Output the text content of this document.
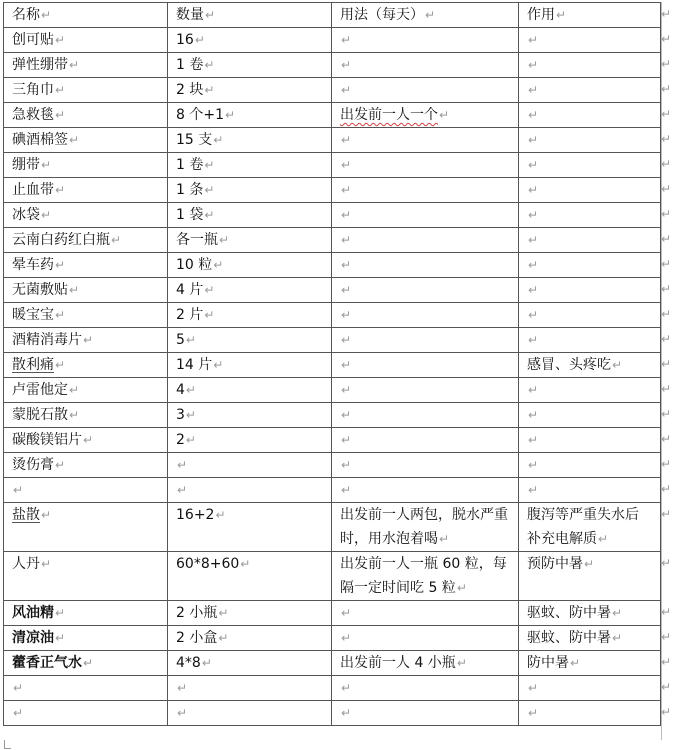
名称↵	数量↵	用法（每天）↵	作用↵
创可贴↵	16↵	↵	↵
弹性绷带↵	1 卷↵	↵	↵
三角巾↵	2 块↵	↵	↵
急救毯↵	8 个+1↵	出发前一人一个↵	↵
碘酒棉签↵	15 支↵	↵	↵
绷带↵	1 卷↵	↵	↵
止血带↵	1 条↵	↵	↵
冰袋↵	1 袋↵	↵	↵
云南白药红白瓶↵	各一瓶↵	↵	↵
晕车药↵	10 粒↵	↵	↵
无菌敷贴↵	4 片↵	↵	↵
暖宝宝↵	2 片↵	↵	↵
酒精消毒片↵	5↵	↵	↵
散利痛↵	14 片↵	↵	感冒、头疼吃↵
卢雷他定↵	4↵	↵	↵
蒙脱石散↵	3↵	↵	↵
碳酸镁铝片↵	2↵	↵	↵
烫伤膏↵	↵	↵	↵
↵	↵	↵	↵
盐散↵	16+2↵	出发前一人两包，脱水严重时，用水泡着喝↵	腹泻等严重失水后补充电解质↵
人丹↵	60*8+60↵	出发前一人一瓶 60 粒，每隔一定时间吃 5 粒↵	预防中暑↵
风油精↵	2 小瓶↵	↵	驱蚊、防中暑↵
清凉油↵	2 小盒↵	↵	驱蚊、防中暑↵
藿香正气水↵	4*8↵	出发前一人 4 小瓶↵	防中暑↵
↵	↵	↵	↵
↵	↵	↵	↵
↵
↵
↵
↵
↵
↵
↵
↵
↵
↵
↵
↵
↵
↵
↵
↵
↵
↵
↵
↵
↵
↵
↵
↵
↵
↵
↵
